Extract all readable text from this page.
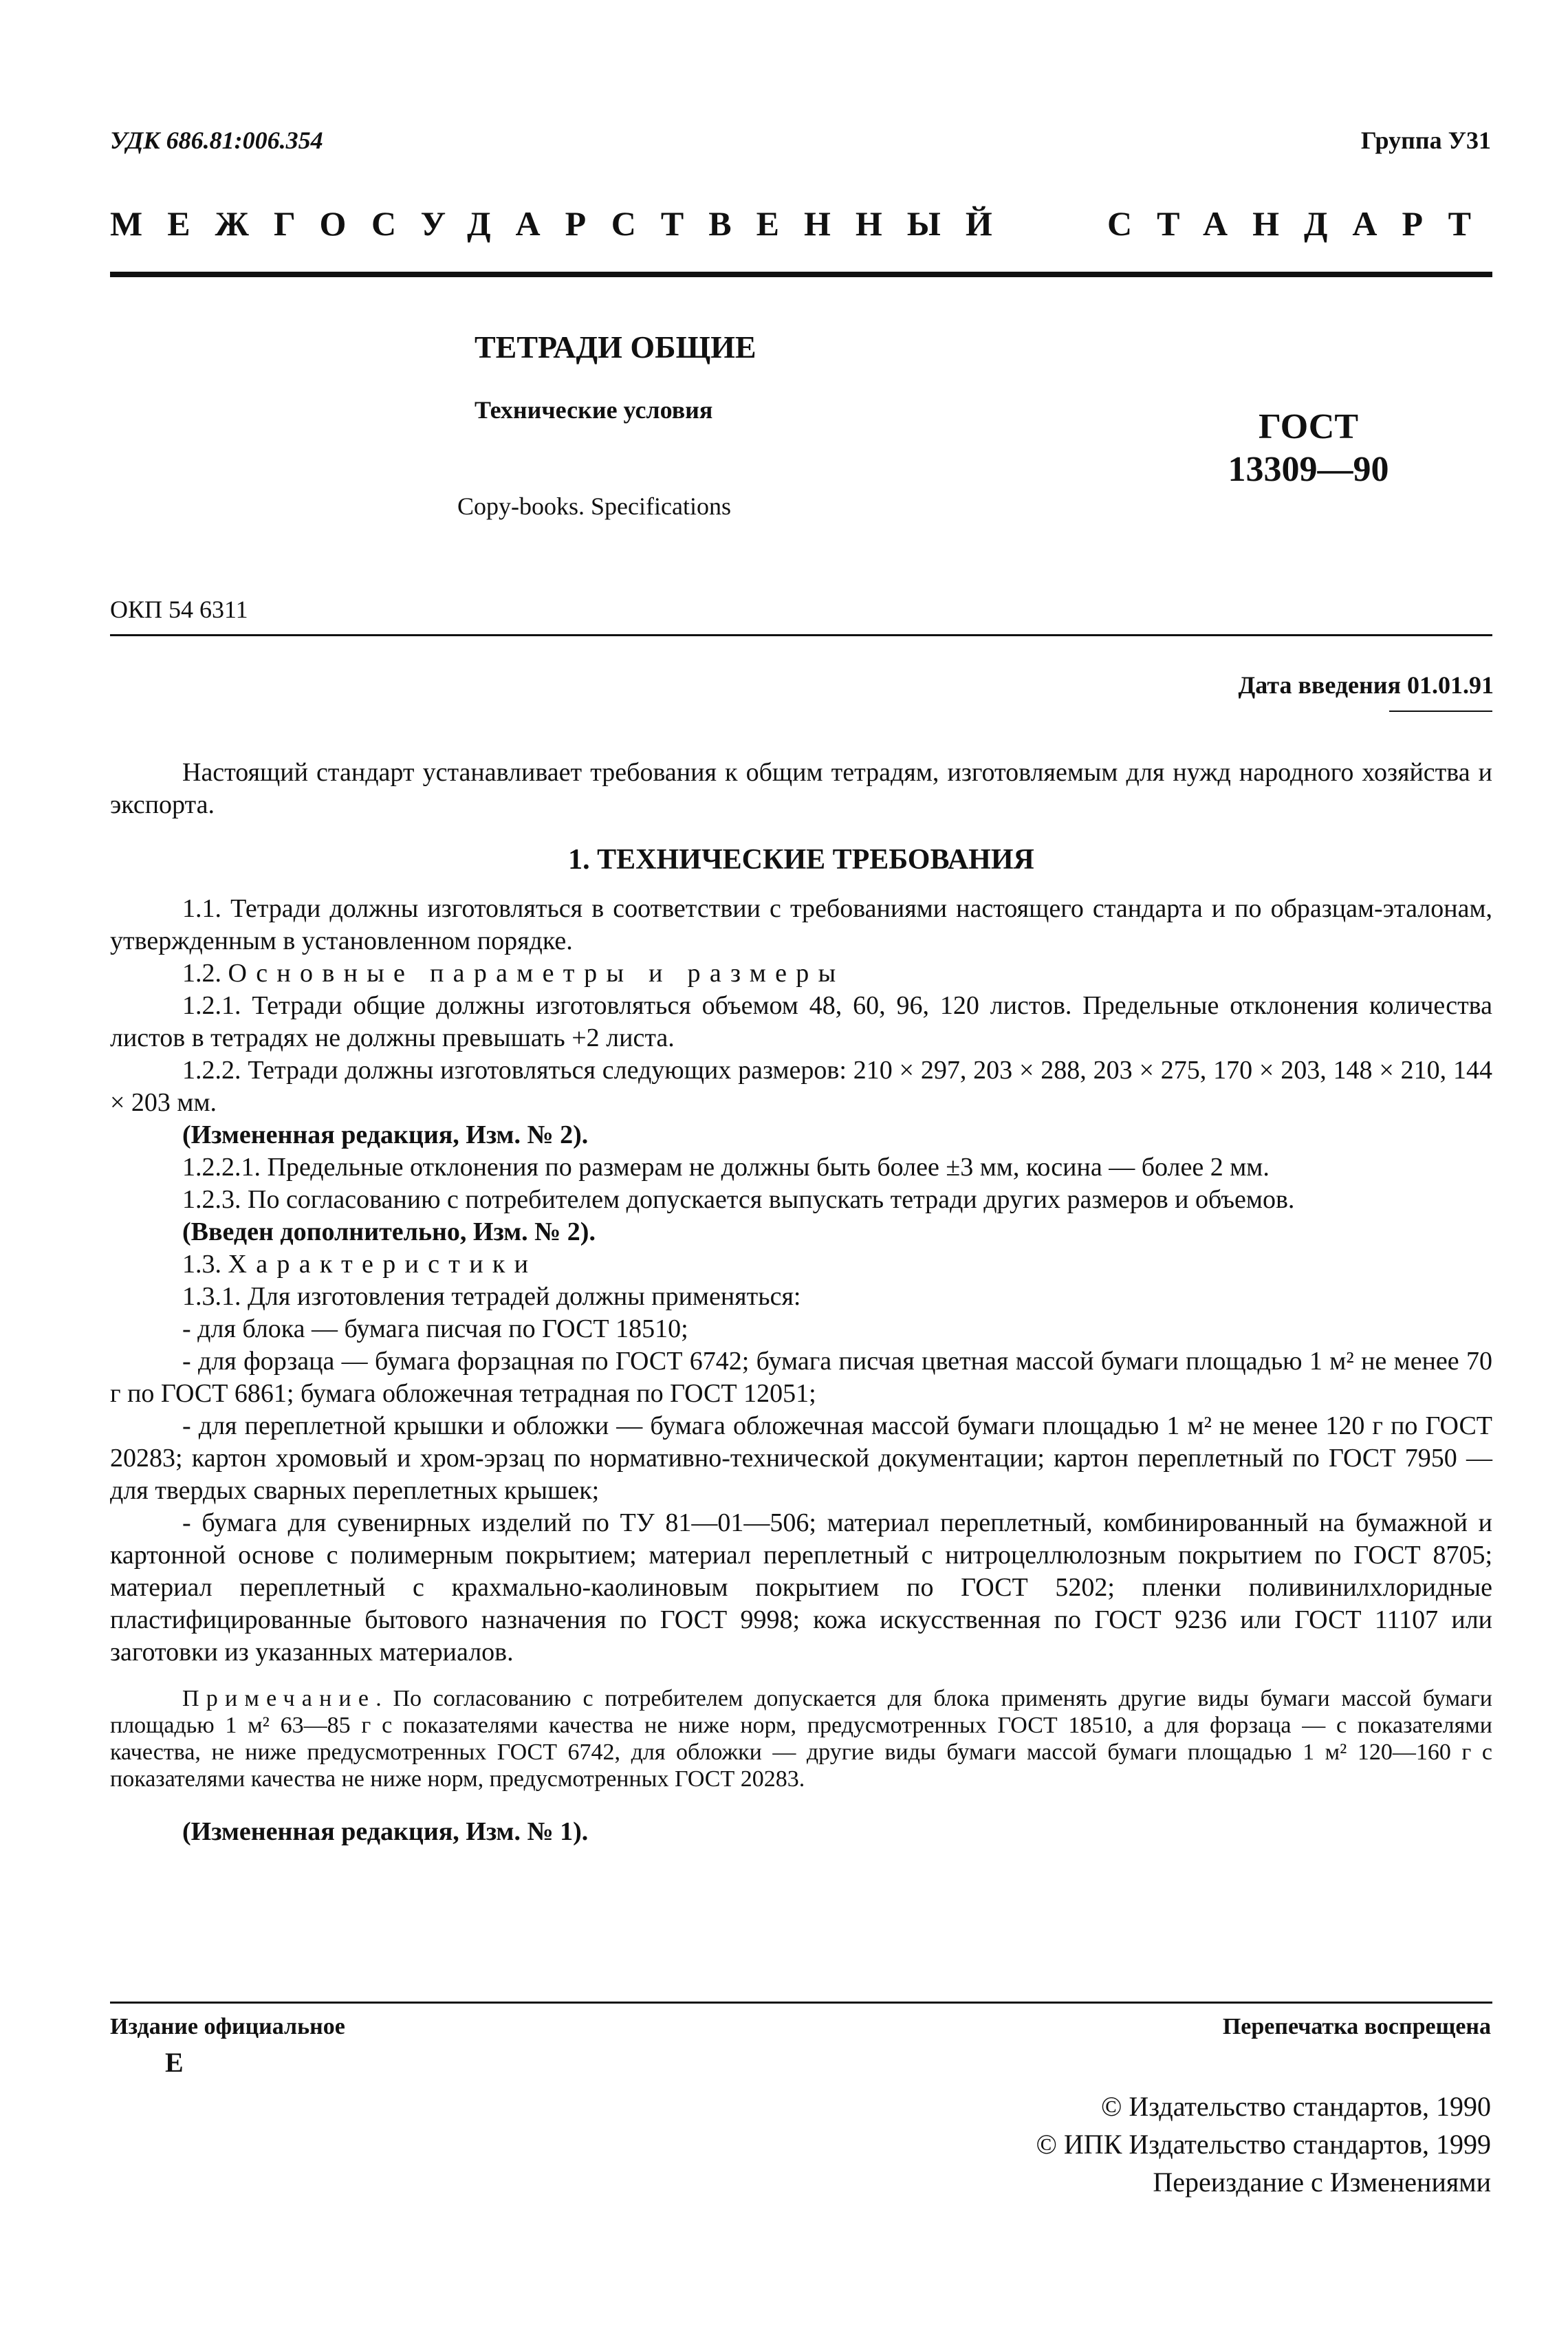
УДК 686.81:006.354	Группа У31
МЕЖГОСУДАРСТВЕННЫЙ	СТАНДАРТ
ТЕТРАДИ ОБЩИЕ
Технические условия
Copy-books. Specifications
ГОСТ
13309—90
ОКП 54 6311
Дата введения 01.01.91

Настоящий стандарт устанавливает требования к общим тетрадям, изготовляемым для нужд народного хозяйства и экспорта.

1. ТЕХНИЧЕСКИЕ ТРЕБОВАНИЯ

1.1. Тетради должны изготовляться в соответствии с требованиями настоящего стандарта и по образцам-эталонам, утвержденным в установленном порядке.

1.2. Основные параметры и размеры

1.2.1. Тетради общие должны изготовляться объемом 48, 60, 96, 120 листов. Предельные отклонения количества листов в тетрадях не должны превышать +2 листа.

1.2.2. Тетради должны изготовляться следующих размеров: 210 × 297, 203 × 288, 203 × 275, 170 × 203, 148 × 210, 144 × 203 мм.

(Измененная редакция, Изм. № 2).

1.2.2.1. Предельные отклонения по размерам не должны быть более ±3 мм, косина — более 2 мм.

1.2.3. По согласованию с потребителем допускается выпускать тетради других размеров и объемов.

(Введен дополнительно, Изм. № 2).

1.3. Характеристики

1.3.1. Для изготовления тетрадей должны применяться:

- для блока — бумага писчая по ГОСТ 18510;

- для форзаца — бумага форзацная по ГОСТ 6742; бумага писчая цветная массой бумаги площадью 1 м² не менее 70 г по ГОСТ 6861; бумага обложечная тетрадная по ГОСТ 12051;

- для переплетной крышки и обложки — бумага обложечная массой бумаги площадью 1 м² не менее 120 г по ГОСТ 20283; картон хромовый и хром-эрзац по нормативно-технической документации; картон переплетный по ГОСТ 7950 — для твердых сварных переплетных крышек;

- бумага для сувенирных изделий по ТУ 81—01—506; материал переплетный, комбинированный на бумажной и картонной основе с полимерным покрытием; материал переплетный с нитроцеллюлозным покрытием по ГОСТ 8705; материал переплетный с крахмально-каолиновым покрытием по ГОСТ 5202; пленки поливинилхлоридные пластифицированные бытового назначения по ГОСТ 9998; кожа искусственная по ГОСТ 9236 или ГОСТ 11107 или заготовки из указанных материалов.

Примечание. По согласованию с потребителем допускается для блока применять другие виды бумаги массой бумаги площадью 1 м² 63—85 г с показателями качества не ниже норм, предусмотренных ГОСТ 18510, а для форзаца — с показателями качества, не ниже предусмотренных ГОСТ 6742, для обложки — другие виды бумаги массой бумаги площадью 1 м² 120—160 г с показателями качества не ниже норм, предусмотренных ГОСТ 20283.

(Измененная редакция, Изм. № 1).

Издание официальное
Е
Перепечатка воспрещена
© Издательство стандартов, 1990
© ИПК Издательство стандартов, 1999
Переиздание с Изменениями
